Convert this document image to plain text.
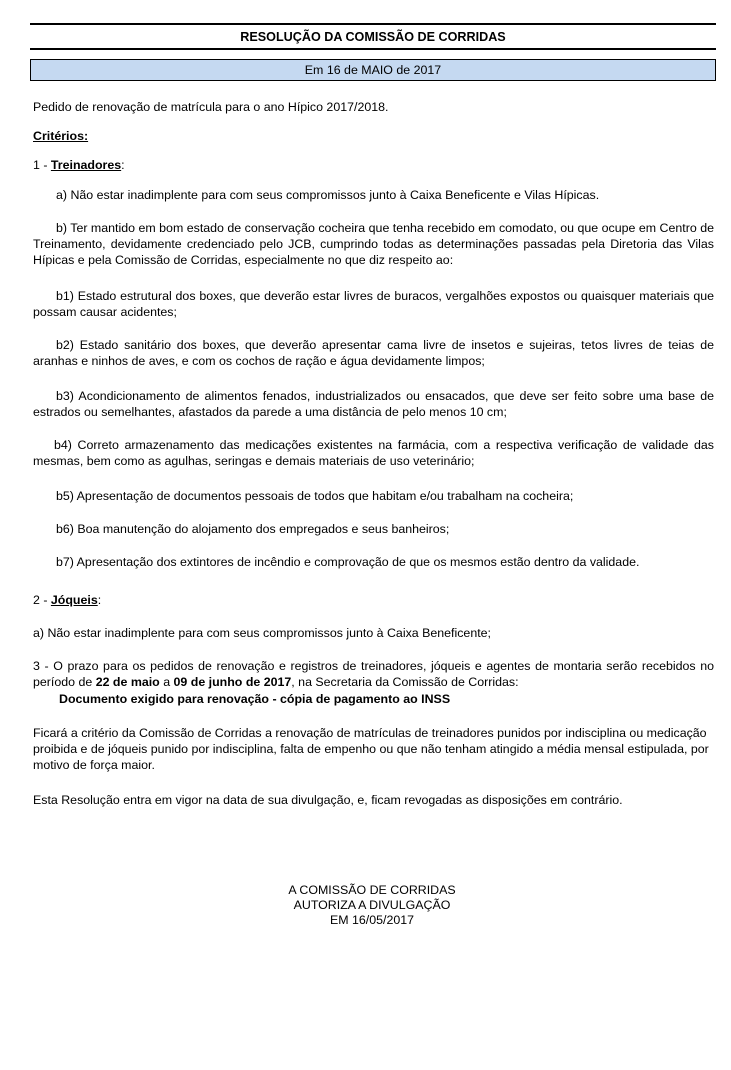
RESOLUÇÃO DA COMISSÃO DE CORRIDAS
Em 16 de MAIO de 2017

Pedido de renovação de matrícula para o ano Hípico 2017/2018.

Critérios:

1 - Treinadores:

a) Não estar inadimplente para com seus compromissos junto à Caixa Beneficente e Vilas Hípicas.

b) Ter mantido em bom estado de conservação cocheira que tenha recebido em comodato, ou que ocupe em Centro de Treinamento, devidamente credenciado pelo JCB, cumprindo todas as determinações passadas pela Diretoria das Vilas Hípicas e pela Comissão de Corridas, especialmente no que diz respeito ao:

b1) Estado estrutural dos boxes, que deverão estar livres de buracos, vergalhões expostos ou quaisquer materiais que possam causar acidentes;

b2) Estado sanitário dos boxes, que deverão apresentar cama livre de insetos e sujeiras, tetos livres de teias de aranhas e ninhos de aves, e com os cochos de ração e água devidamente limpos;

b3) Acondicionamento de alimentos fenados, industrializados ou ensacados, que deve ser feito sobre uma base de estrados ou semelhantes, afastados da parede a uma distância de pelo menos 10 cm;

b4) Correto armazenamento das medicações existentes na farmácia, com a respectiva verificação de validade das mesmas, bem como as agulhas, seringas e demais materiais de uso veterinário;

b5) Apresentação de documentos pessoais de todos que habitam e/ou trabalham na cocheira;

b6) Boa manutenção do alojamento dos empregados e seus banheiros;

b7) Apresentação dos extintores de incêndio e comprovação de que os mesmos estão dentro da validade.

2 - Jóqueis:

a) Não estar inadimplente para com seus compromissos junto à Caixa Beneficente;

3 - O prazo para os pedidos de renovação e registros de treinadores, jóqueis e agentes de montaria serão recebidos no período de 22 de maio a 09 de junho de 2017, na Secretaria da Comissão de Corridas:

Documento exigido para renovação - cópia de pagamento ao INSS

Ficará a critério da Comissão de Corridas a renovação de matrículas de treinadores punidos por indisciplina ou medicação proibida e de jóqueis punido por indisciplina, falta de empenho ou que não tenham atingido a média mensal estipulada, por motivo de força maior.

Esta Resolução entra em vigor na data de sua divulgação, e, ficam revogadas as disposições em contrário.

A COMISSÃO DE CORRIDAS
AUTORIZA A DIVULGAÇÃO
EM 16/05/2017
